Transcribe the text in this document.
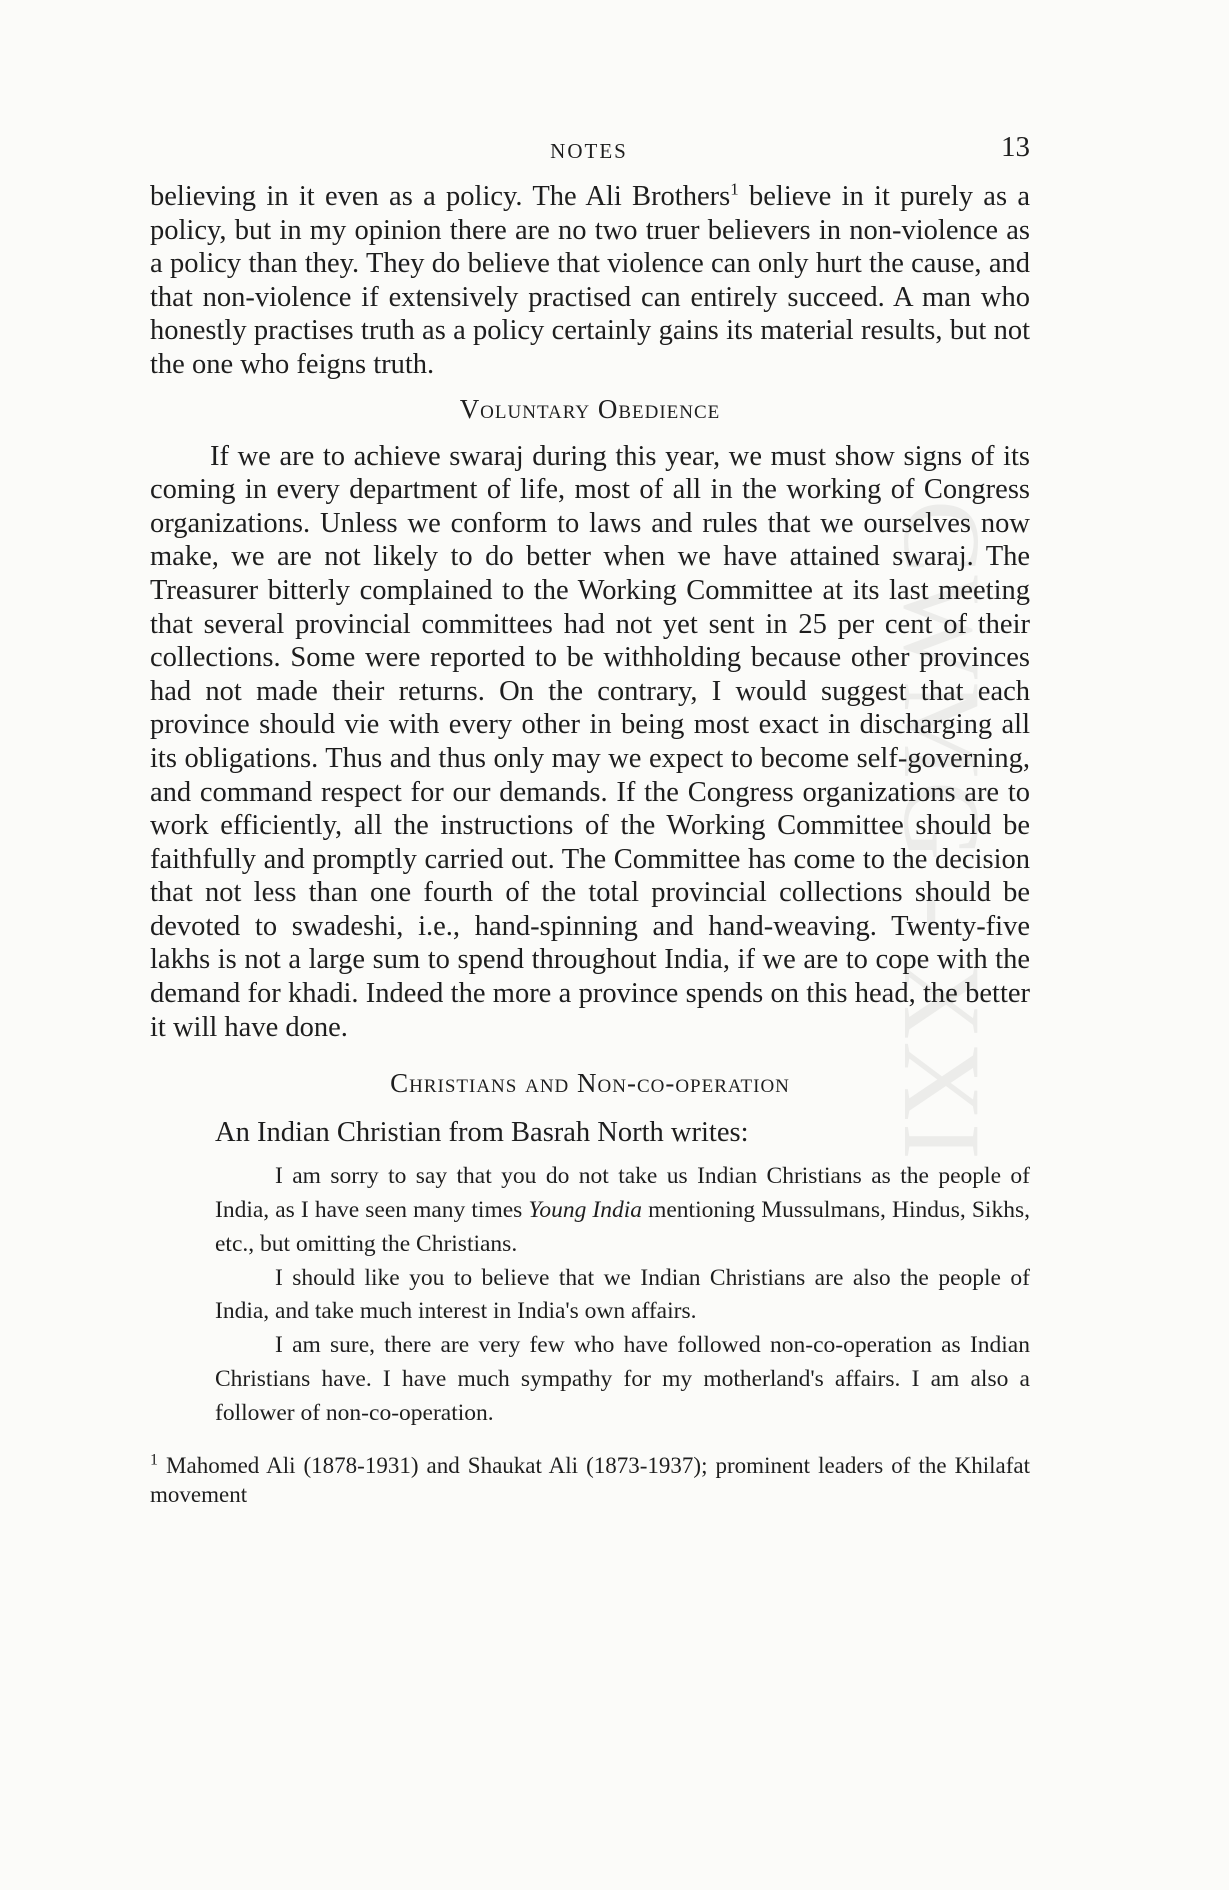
CWMG - XXI
NOTES	13

believing in it even as a policy. The Ali Brothers$^1$ believe in it purely as a policy, but in my opinion there are no two truer believers in non-violence as a policy than they. They do believe that violence can only hurt the cause, and that non-violence if extensively practised can entirely succeed. A man who honestly practises truth as a policy certainly gains its material results, but not the one who feigns truth.

Voluntary Obedience

If we are to achieve swaraj during this year, we must show signs of its coming in every department of life, most of all in the working of Congress organizations. Unless we conform to laws and rules that we ourselves now make, we are not likely to do better when we have attained swaraj. The Treasurer bitterly complained to the Working Committee at its last meeting that several provincial committees had not yet sent in 25 per cent of their collections. Some were reported to be withholding because other provinces had not made their returns. On the contrary, I would suggest that each province should vie with every other in being most exact in discharging all its obligations. Thus and thus only may we expect to become self-governing, and command respect for our demands. If the Congress organizations are to work efficiently, all the instructions of the Working Committee should be faithfully and promptly carried out. The Committee has come to the decision that not less than one fourth of the total provincial collections should be devoted to swadeshi, i.e., hand-spinning and hand-weaving. Twenty-five lakhs is not a large sum to spend throughout India, if we are to cope with the demand for khadi. Indeed the more a province spends on this head, the better it will have done.

Christians and Non-co-operation

An Indian Christian from Basrah North writes:

I am sorry to say that you do not take us Indian Christians as the people of India, as I have seen many times Young India mentioning Mussulmans, Hindus, Sikhs, etc., but omitting the Christians.

I should like you to believe that we Indian Christians are also the people of India, and take much interest in India's own affairs.

I am sure, there are very few who have followed non-co-operation as Indian Christians have. I have much sympathy for my motherland's affairs. I am also a follower of non-co-operation.

$^1$ Mahomed Ali (1878-1931) and Shaukat Ali (1873-1937); prominent leaders of the Khilafat movement
